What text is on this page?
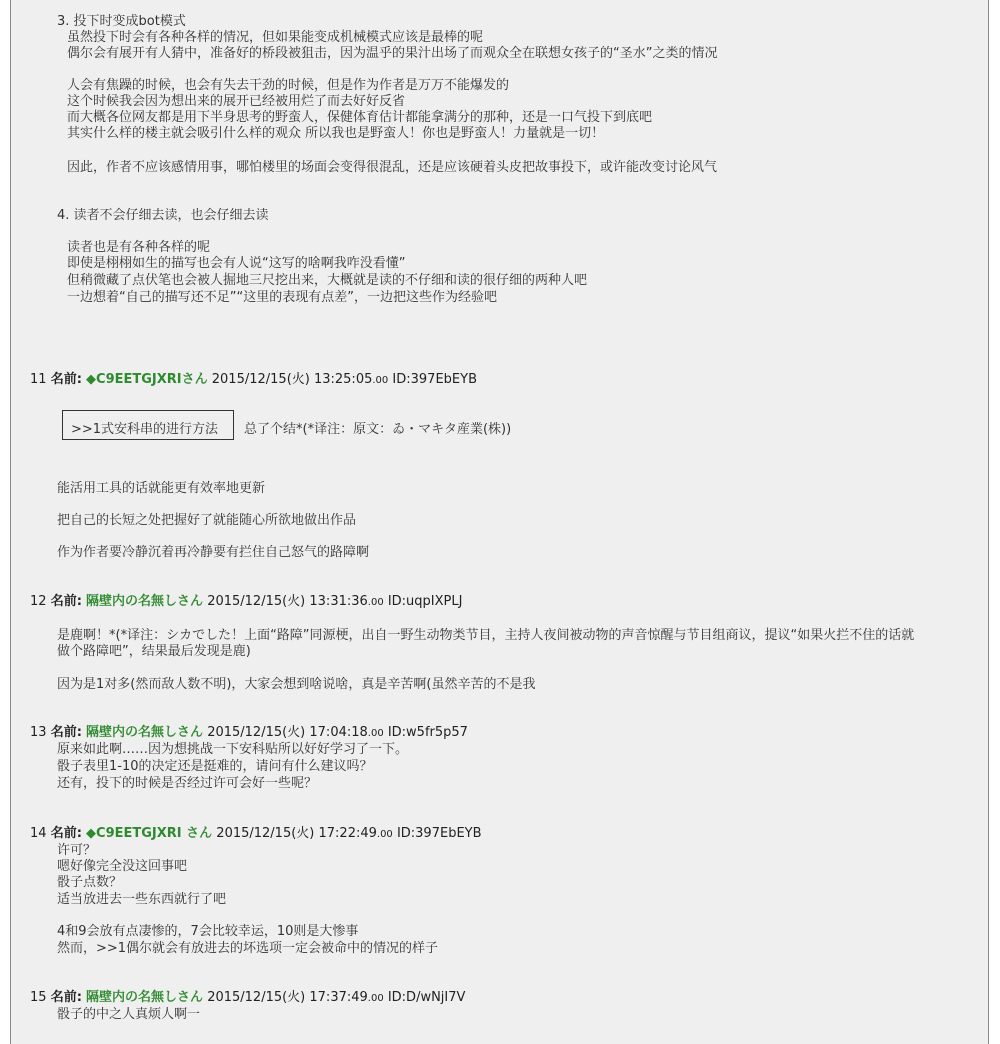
3. 投下时变成bot模式
虽然投下时会有各种各样的情况，但如果能变成机械模式应该是最棒的呢
偶尔会有展开有人猜中，准备好的桥段被狙击，因为温乎的果汁出场了而观众全在联想女孩子的“圣水”之类的情况
人会有焦躁的时候，也会有失去干劲的时候，但是作为作者是万万不能爆发的
这个时候我会因为想出来的展开已经被用烂了而去好好反省
而大概各位网友都是用下半身思考的野蛮人，保健体育估计都能拿满分的那种，还是一口气投下到底吧
其实什么样的楼主就会吸引什么样的观众 所以我也是野蛮人！你也是野蛮人！力量就是一切！
因此，作者不应该感情用事，哪怕楼里的场面会变得很混乱，还是应该硬着头皮把故事投下，或许能改变讨论风气
4. 读者不会仔细去读，也会仔细去读
读者也是有各种各样的呢
即使是栩栩如生的描写也会有人说“这写的啥啊我咋没看懂”
但稍微藏了点伏笔也会被人掘地三尺挖出来，大概就是读的不仔细和读的很仔细的两种人吧
一边想着“自己的描写还不足”“这里的表现有点差”，一边把这些作为经验吧
11 名前: ◆C9EETGJXRIさん 2015/12/15(火) 13:25:05.00 ID:397EbEYB
>>1式安科串的进行方法 总了个结*(*译注：原文：ゐ・マキタ産業(株))
能活用工具的话就能更有效率地更新
把自己的长短之处把握好了就能随心所欲地做出作品
作为作者要冷静沉着再冷静要有拦住自己怒气的路障啊
12 名前: 隔壁内の名無しさん 2015/12/15(火) 13:31:36.00 ID:uqpIXPLJ
是鹿啊！*(*译注：シカでした！上面“路障”同源梗，出自一野生动物类节目，主持人夜间被动物的声音惊醒与节目组商议，提议“如果火拦不住的话就
做个路障吧”，结果最后发现是鹿)
因为是1对多(然而敌人数不明)，大家会想到啥说啥，真是辛苦啊(虽然辛苦的不是我
13 名前: 隔壁内の名無しさん 2015/12/15(火) 17:04:18.00 ID:w5fr5p57
原来如此啊……因为想挑战一下安科贴所以好好学习了一下。
骰子表里1-10的决定还是挺难的，请问有什么建议吗？
还有，投下的时候是否经过许可会好一些呢？
14 名前: ◆C9EETGJXRI さん 2015/12/15(火) 17:22:49.00 ID:397EbEYB
许可？
嗯好像完全没这回事吧
骰子点数？
适当放进去一些东西就行了吧
4和9会放有点凄惨的，7会比较幸运，10则是大惨事
然而，>>1偶尔就会有放进去的坏选项一定会被命中的情况的样子
15 名前: 隔壁内の名無しさん 2015/12/15(火) 17:37:49.00 ID:D/wNjI7V
骰子的中之人真烦人啊一
